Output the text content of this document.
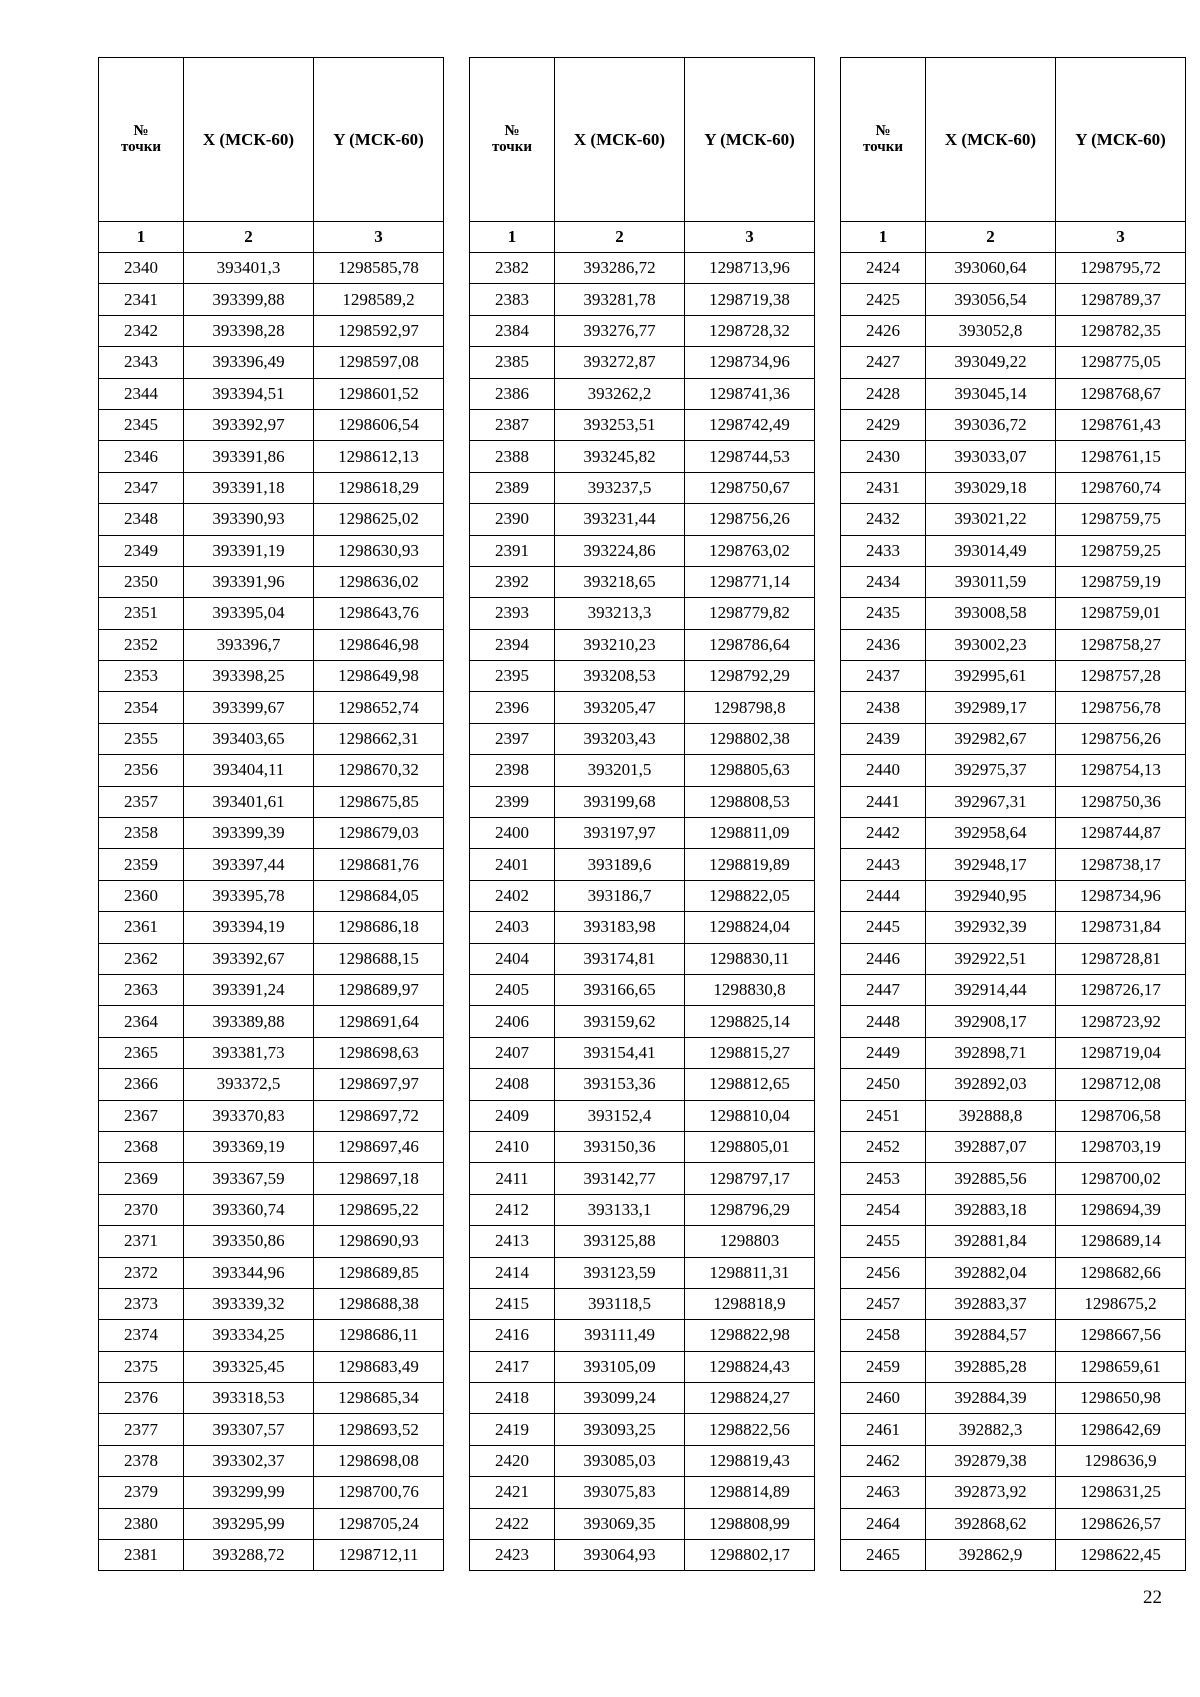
№
точки	X (МСК-60)	Y (МСК-60)
1	2	3
2340	393401,3	1298585,78
2341	393399,88	1298589,2
2342	393398,28	1298592,97
2343	393396,49	1298597,08
2344	393394,51	1298601,52
2345	393392,97	1298606,54
2346	393391,86	1298612,13
2347	393391,18	1298618,29
2348	393390,93	1298625,02
2349	393391,19	1298630,93
2350	393391,96	1298636,02
2351	393395,04	1298643,76
2352	393396,7	1298646,98
2353	393398,25	1298649,98
2354	393399,67	1298652,74
2355	393403,65	1298662,31
2356	393404,11	1298670,32
2357	393401,61	1298675,85
2358	393399,39	1298679,03
2359	393397,44	1298681,76
2360	393395,78	1298684,05
2361	393394,19	1298686,18
2362	393392,67	1298688,15
2363	393391,24	1298689,97
2364	393389,88	1298691,64
2365	393381,73	1298698,63
2366	393372,5	1298697,97
2367	393370,83	1298697,72
2368	393369,19	1298697,46
2369	393367,59	1298697,18
2370	393360,74	1298695,22
2371	393350,86	1298690,93
2372	393344,96	1298689,85
2373	393339,32	1298688,38
2374	393334,25	1298686,11
2375	393325,45	1298683,49
2376	393318,53	1298685,34
2377	393307,57	1298693,52
2378	393302,37	1298698,08
2379	393299,99	1298700,76
2380	393295,99	1298705,24
2381	393288,72	1298712,11
№
точки	X (МСК-60)	Y (МСК-60)
1	2	3
2382	393286,72	1298713,96
2383	393281,78	1298719,38
2384	393276,77	1298728,32
2385	393272,87	1298734,96
2386	393262,2	1298741,36
2387	393253,51	1298742,49
2388	393245,82	1298744,53
2389	393237,5	1298750,67
2390	393231,44	1298756,26
2391	393224,86	1298763,02
2392	393218,65	1298771,14
2393	393213,3	1298779,82
2394	393210,23	1298786,64
2395	393208,53	1298792,29
2396	393205,47	1298798,8
2397	393203,43	1298802,38
2398	393201,5	1298805,63
2399	393199,68	1298808,53
2400	393197,97	1298811,09
2401	393189,6	1298819,89
2402	393186,7	1298822,05
2403	393183,98	1298824,04
2404	393174,81	1298830,11
2405	393166,65	1298830,8
2406	393159,62	1298825,14
2407	393154,41	1298815,27
2408	393153,36	1298812,65
2409	393152,4	1298810,04
2410	393150,36	1298805,01
2411	393142,77	1298797,17
2412	393133,1	1298796,29
2413	393125,88	1298803
2414	393123,59	1298811,31
2415	393118,5	1298818,9
2416	393111,49	1298822,98
2417	393105,09	1298824,43
2418	393099,24	1298824,27
2419	393093,25	1298822,56
2420	393085,03	1298819,43
2421	393075,83	1298814,89
2422	393069,35	1298808,99
2423	393064,93	1298802,17
№
точки	X (МСК-60)	Y (МСК-60)
1	2	3
2424	393060,64	1298795,72
2425	393056,54	1298789,37
2426	393052,8	1298782,35
2427	393049,22	1298775,05
2428	393045,14	1298768,67
2429	393036,72	1298761,43
2430	393033,07	1298761,15
2431	393029,18	1298760,74
2432	393021,22	1298759,75
2433	393014,49	1298759,25
2434	393011,59	1298759,19
2435	393008,58	1298759,01
2436	393002,23	1298758,27
2437	392995,61	1298757,28
2438	392989,17	1298756,78
2439	392982,67	1298756,26
2440	392975,37	1298754,13
2441	392967,31	1298750,36
2442	392958,64	1298744,87
2443	392948,17	1298738,17
2444	392940,95	1298734,96
2445	392932,39	1298731,84
2446	392922,51	1298728,81
2447	392914,44	1298726,17
2448	392908,17	1298723,92
2449	392898,71	1298719,04
2450	392892,03	1298712,08
2451	392888,8	1298706,58
2452	392887,07	1298703,19
2453	392885,56	1298700,02
2454	392883,18	1298694,39
2455	392881,84	1298689,14
2456	392882,04	1298682,66
2457	392883,37	1298675,2
2458	392884,57	1298667,56
2459	392885,28	1298659,61
2460	392884,39	1298650,98
2461	392882,3	1298642,69
2462	392879,38	1298636,9
2463	392873,92	1298631,25
2464	392868,62	1298626,57
2465	392862,9	1298622,45
22
